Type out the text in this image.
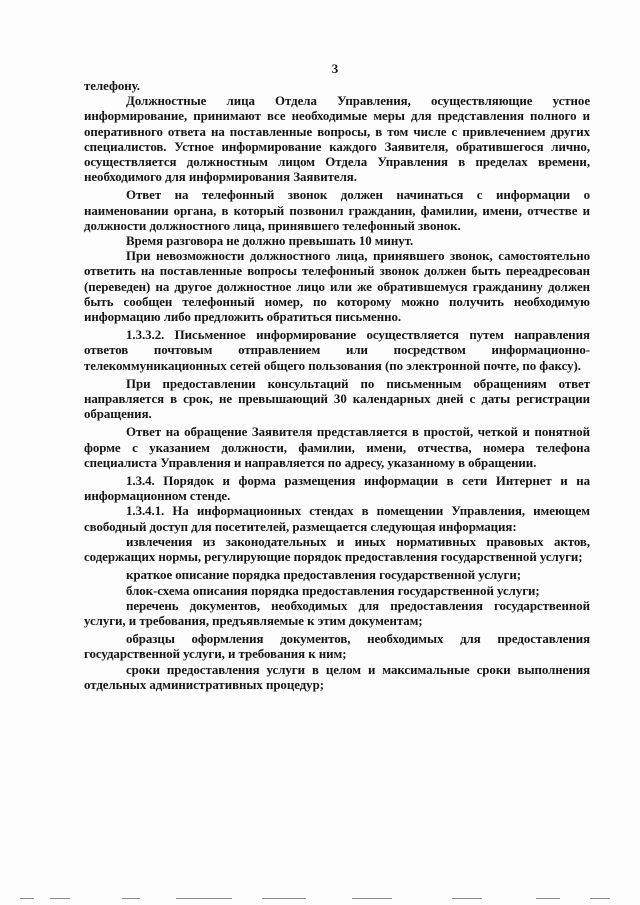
3

телефону.

Должностные лица Отдела Управления, осуществляющие устное информирование, принимают все необходимые меры для представления полного и оперативного ответа на поставленные вопросы, в том числе с привлечением других специалистов. Устное информирование каждого Заявителя, обратившегося лично, осуществляется должностным лицом Отдела Управления в пределах времени, необходимого для информирования Заявителя.

Ответ на телефонный звонок должен начинаться с информации о наименовании органа, в который позвонил гражданин, фамилии, имени, отчестве и должности должностного лица, принявшего телефонный звонок.

Время разговора не должно превышать 10 минут.

При невозможности должностного лица, принявшего звонок, самостоятельно ответить на поставленные вопросы телефонный звонок должен быть переадресован (переведен) на другое должностное лицо или же обратившемуся гражданину должен быть сообщен телефонный номер, по которому можно получить необходимую информацию либо предложить обратиться письменно.

1.3.3.2. Письменное информирование осуществляется путем направления ответов почтовым отправлением или посредством информационно-телекоммуникационных сетей общего пользования (по электронной почте, по факсу).

При предоставлении консультаций по письменным обращениям ответ направляется в срок, не превышающий 30 календарных дней с даты регистрации обращения.

Ответ на обращение Заявителя представляется в простой, четкой и понятной форме с указанием должности, фамилии, имени, отчества, номера телефона специалиста Управления и направляется по адресу, указанному в обращении.

1.3.4. Порядок и форма размещения информации в сети Интернет и на информационном стенде.

1.3.4.1. На информационных стендах в помещении Управления, имеющем свободный доступ для посетителей, размещается следующая информация:

извлечения из законодательных и иных нормативных правовых актов, содержащих нормы, регулирующие порядок предоставления государственной услуги;

краткое описание порядка предоставления государственной услуги;

блок-схема описания порядка предоставления государственной услуги;

перечень документов, необходимых для предоставления государственной услуги, и требования, предъявляемые к этим документам;

образцы оформления документов, необходимых для предоставления государственной услуги, и требования к ним;

сроки предоставления услуги в целом и максимальные сроки выполнения отдельных административных процедур;
